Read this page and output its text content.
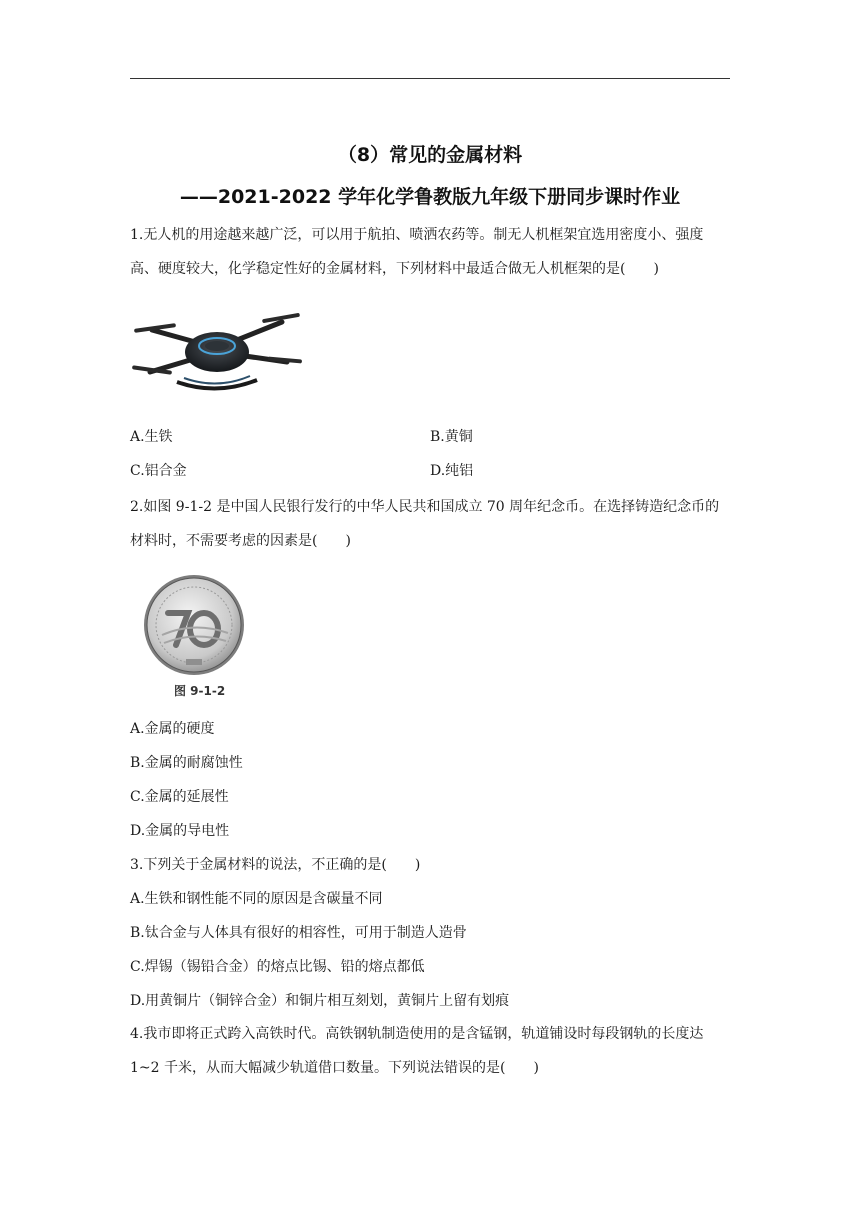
（8）常见的金属材料
——2021-2022 学年化学鲁教版九年级下册同步课时作业
1.无人机的用途越来越广泛，可以用于航拍、喷洒农药等。制无人机框架宜选用密度小、强度高、硬度较大，化学稳定性好的金属材料，下列材料中最适合做无人机框架的是(　　)
A.生铁	B.黄铜
C.铝合金	D.纯铝
2.如图 9-1-2 是中国人民银行发行的中华人民共和国成立 70 周年纪念币。在选择铸造纪念币的材料时，不需要考虑的因素是(　　)
图 9-1-2
A.金属的硬度
B.金属的耐腐蚀性
C.金属的延展性
D.金属的导电性
3.下列关于金属材料的说法，不正确的是(　　)
A.生铁和钢性能不同的原因是含碳量不同
B.钛合金与人体具有很好的相容性，可用于制造人造骨
C.焊锡（锡铅合金）的熔点比锡、铅的熔点都低
D.用黄铜片（铜锌合金）和铜片相互刻划，黄铜片上留有划痕
4.我市即将正式跨入高铁时代。高铁钢轨制造使用的是含锰钢，轨道铺设时每段钢轨的长度达 1~2 千米，从而大幅减少轨道借口数量。下列说法错误的是(　　)
